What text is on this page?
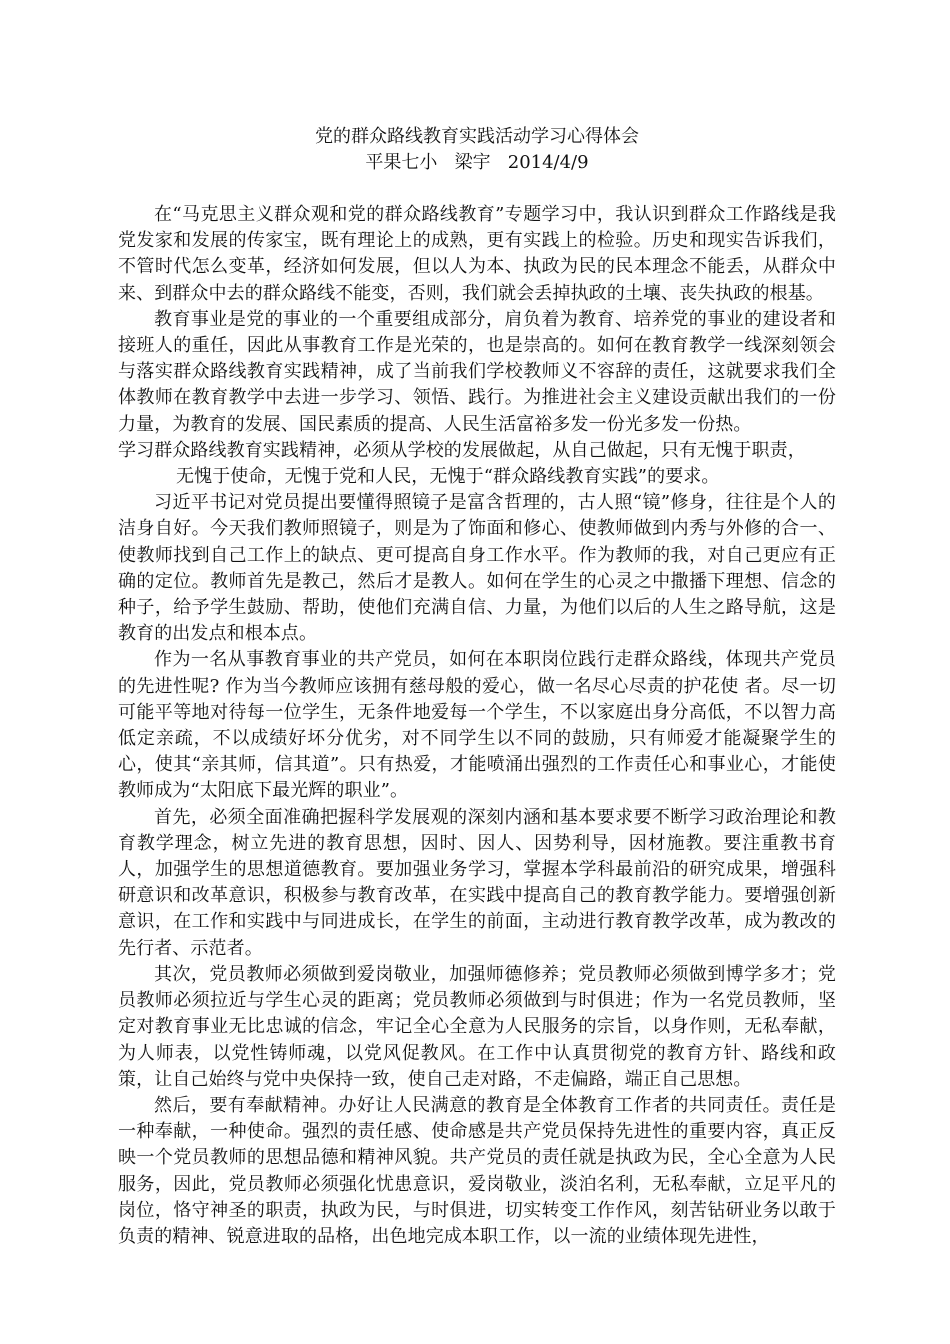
党的群众路线教育实践活动学习心得体会

平果七小   梁宇   2014/4/9

在“马克思主义群众观和党的群众路线教育”专题学习中，我认识到群众工作路线是我党发家和发展的传家宝，既有理论上的成熟，更有实践上的检验。历史和现实告诉我们，不管时代怎么变革，经济如何发展，但以人为本、执政为民的民本理念不能丢，从群众中来、到群众中去的群众路线不能变，否则，我们就会丢掉执政的土壤、丧失执政的根基。

教育事业是党的事业的一个重要组成部分，肩负着为教育、培养党的事业的建设者和接班人的重任，因此从事教育工作是光荣的，也是崇高的。如何在教育教学一线深刻领会与落实群众路线教育实践精神，成了当前我们学校教师义不容辞的责任，这就要求我们全体教师在教育教学中去进一步学习、领悟、践行。为推进社会主义建设贡献出我们的一份力量，为教育的发展、国民素质的提高、人民生活富裕多发一份光多发一份热。

学习群众路线教育实践精神，必须从学校的发展做起，从自己做起，只有无愧于职责，

无愧于使命，无愧于党和人民，无愧于“群众路线教育实践”的要求。

习近平书记对党员提出要懂得照镜子是富含哲理的，古人照“镜”修身，往往是个人的洁身自好。今天我们教师照镜子，则是为了饰面和修心、使教师做到内秀与外修的合一、使教师找到自己工作上的缺点、更可提高自身工作水平。作为教师的我，对自己更应有正确的定位。教师首先是教己，然后才是教人。如何在学生的心灵之中撒播下理想、信念的种子，给予学生鼓励、帮助，使他们充满自信、力量，为他们以后的人生之路导航，这是教育的出发点和根本点。

作为一名从事教育事业的共产党员，如何在本职岗位践行走群众路线，体现共产党员的先进性呢? 作为当今教师应该拥有慈母般的爱心，做一名尽心尽责的护花使 者。尽一切可能平等地对待每一位学生，无条件地爱每一个学生，不以家庭出身分高低，不以智力高低定亲疏，不以成绩好坏分优劣，对不同学生以不同的鼓励，只有师爱才能凝聚学生的心，使其“亲其师，信其道”。只有热爱，才能喷涌出强烈的工作责任心和事业心，才能使教师成为“太阳底下最光辉的职业”。

首先，必须全面准确把握科学发展观的深刻内涵和基本要求要不断学习政治理论和教育教学理念，树立先进的教育思想，因时、因人、因势利导，因材施教。要注重教书育人，加强学生的思想道德教育。要加强业务学习，掌握本学科最前沿的研究成果，增强科研意识和改革意识，积极参与教育改革，在实践中提高自己的教育教学能力。要增强创新意识，在工作和实践中与同进成长，在学生的前面，主动进行教育教学改革，成为教改的先行者、示范者。

其次，党员教师必须做到爱岗敬业，加强师德修养；党员教师必须做到博学多才；党员教师必须拉近与学生心灵的距离；党员教师必须做到与时俱进；作为一名党员教师，坚定对教育事业无比忠诚的信念，牢记全心全意为人民服务的宗旨，以身作则，无私奉献，为人师表，以党性铸师魂，以党风促教风。在工作中认真贯彻党的教育方针、路线和政策，让自己始终与党中央保持一致，使自己走对路，不走偏路，端正自己思想。

然后，要有奉献精神。办好让人民满意的教育是全体教育工作者的共同责任。责任是一种奉献，一种使命。强烈的责任感、使命感是共产党员保持先进性的重要内容，真正反映一个党员教师的思想品德和精神风貌。共产党员的责任就是执政为民，全心全意为人民服务，因此，党员教师必须强化忧患意识，爱岗敬业，淡泊名利，无私奉献，立足平凡的岗位，恪守神圣的职责，执政为民，与时俱进，切实转变工作作风，刻苦钻研业务以敢于负责的精神、锐意进取的品格，出色地完成本职工作，以一流的业绩体现先进性，
